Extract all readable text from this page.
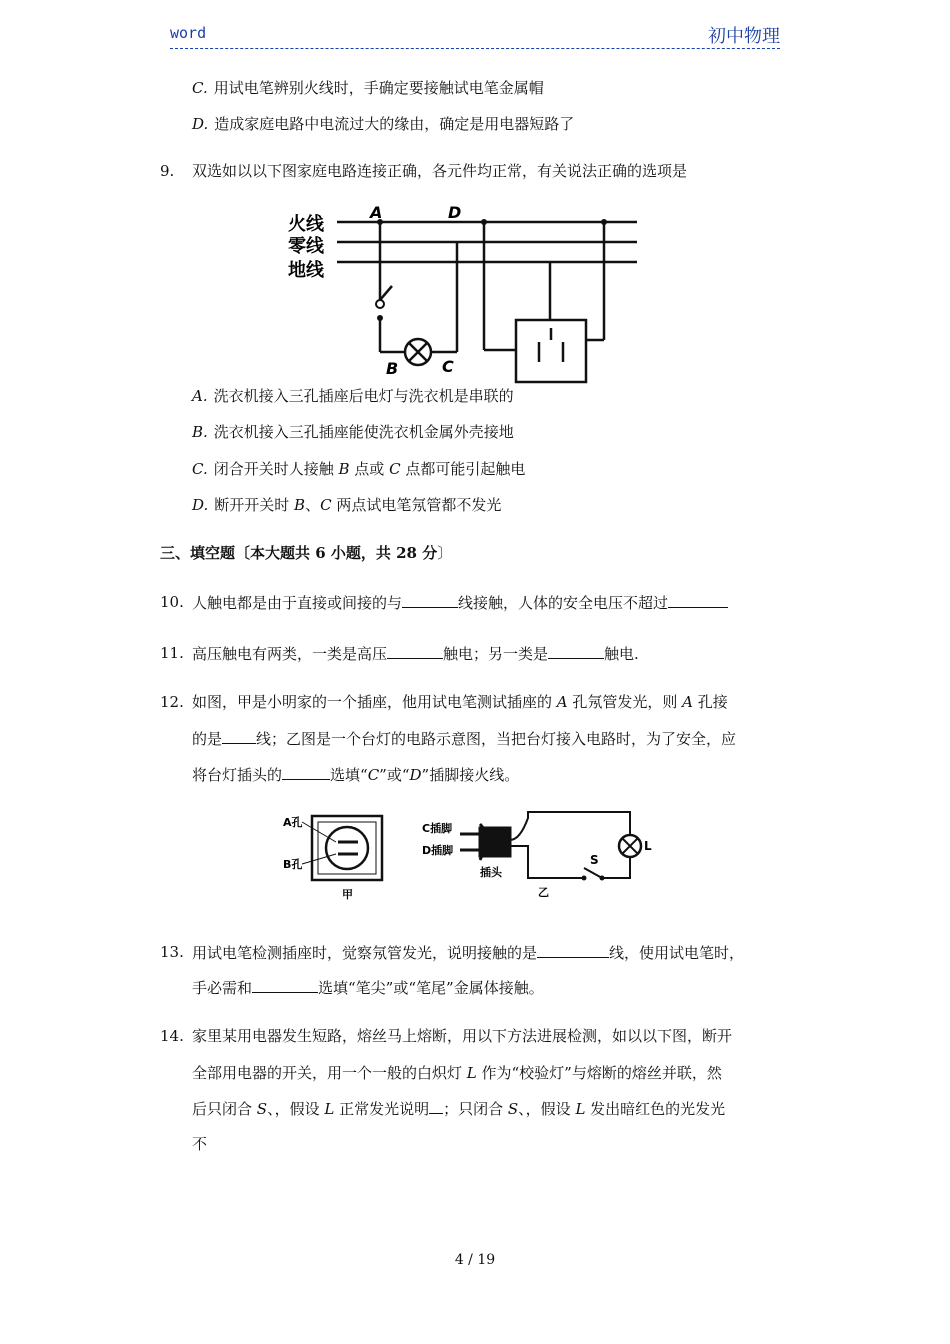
word	初中物理
C. 用试电笔辨别火线时，手确定要接触试电笔金属帽
D. 造成家庭电路中电流过大的缘由，确定是用电器短路了
9. 双选如以以下图家庭电路连接正确，各元件均正常，有关说法正确的选项是
火线
零线
地线
A	D
B	C
A. 洗衣机接入三孔插座后电灯与洗衣机是串联的
B. 洗衣机接入三孔插座能使洗衣机金属外壳接地
C. 闭合开关时人接触 B 点或 C 点都可能引起触电
D. 断开开关时 B、C 两点试电笔氖管都不发光
三、填空题〔本大题共 6 小题，共 28 分〕
10. 人触电都是由于直接或间接的与	线接触，人体的安全电压不超过
11. 高压触电有两类，一类是高压	触电；另一类是	触电.
12. 如图，甲是小明家的一个插座，他用试电笔测试插座的 A 孔氖管发光，则 A 孔接
的是 线；乙图是一个台灯的电路示意图，当把台灯接入电路时，为了安全，应
将台灯插头的	选填“C”或“D”插脚接火线。
A孔
B孔
甲
C插脚
D插脚
插头
S
L
乙
13. 用试电笔检测插座时，觉察氖管发光，说明接触的是	线，使用试电笔时，
手必需和	选填“笔尖”或“笔尾”金属体接触。
14. 家里某用电器发生短路，熔丝马上熔断，用以下方法进展检测，如以以下图，断开
全部用电器的开关，用一个一般的白炽灯 L 作为“校验灯”与熔断的熔丝并联，然
后只闭合 S、，假设 L 正常发光说明 ；只闭合 S、，假设 L 发出暗红色的光发光
不
4 / 19
